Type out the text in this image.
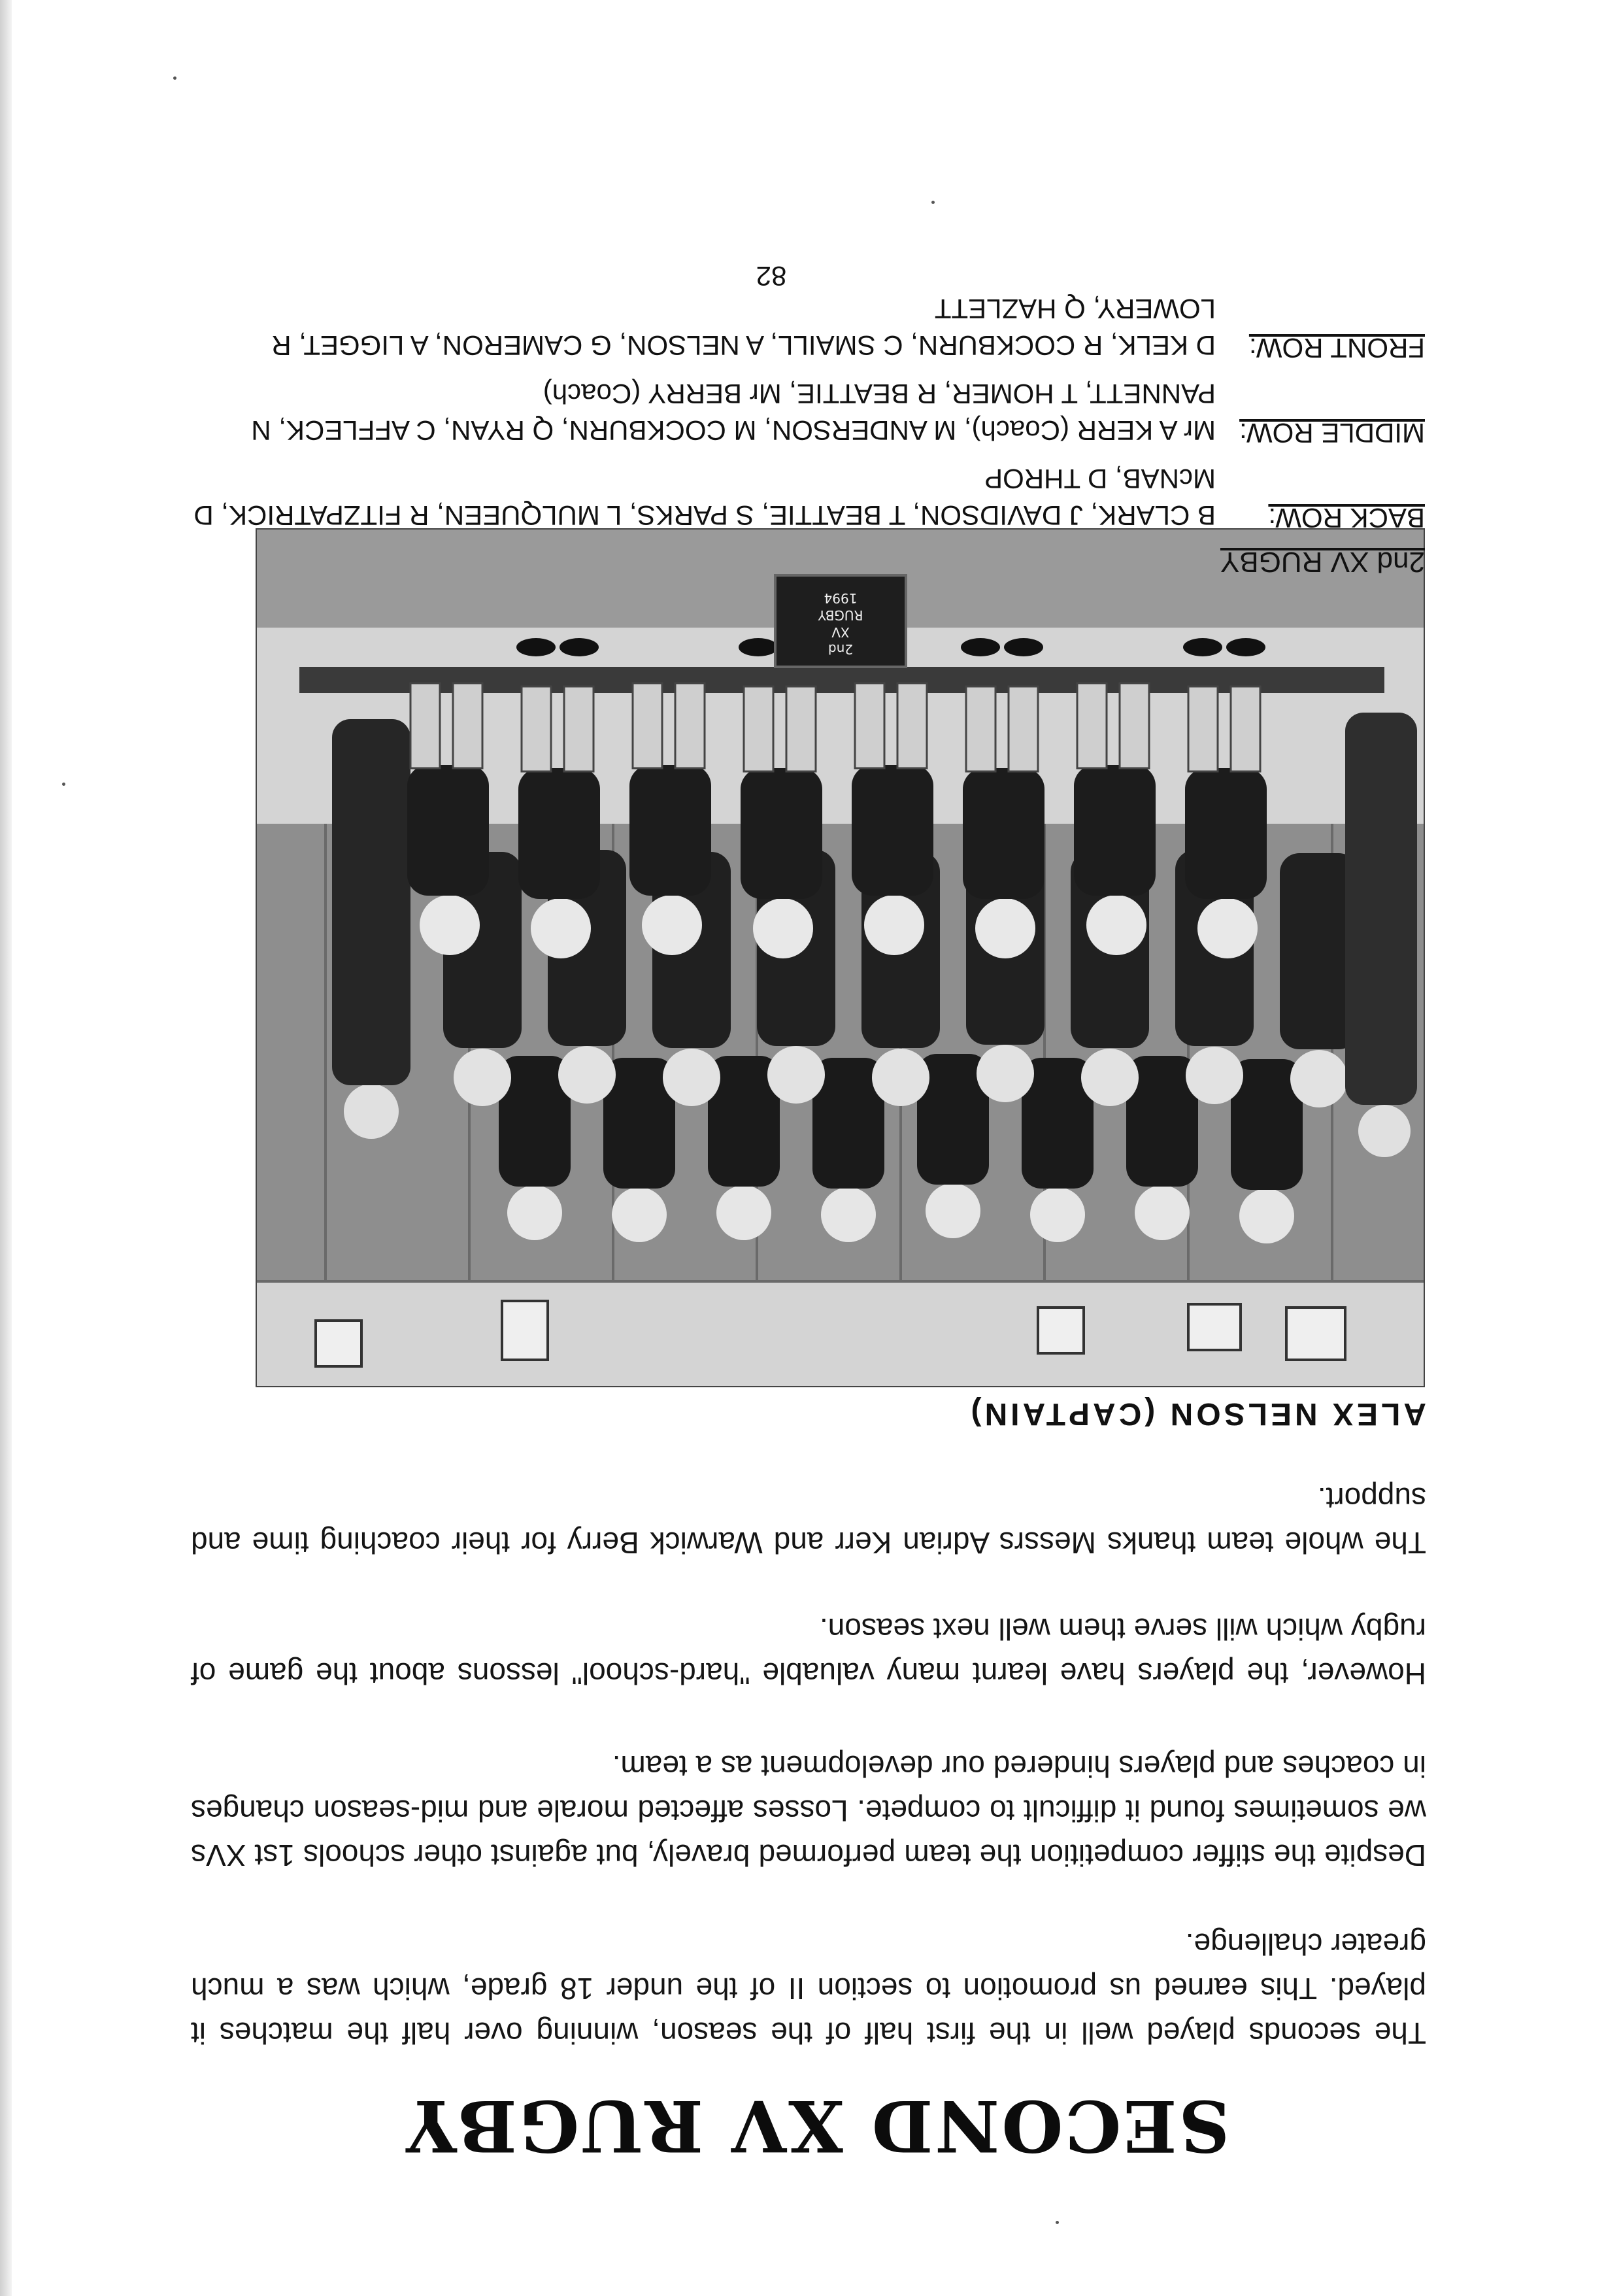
SECOND XV RUGBY

The seconds played well in the first half of the season, winning over half the matches it played. This earned us promotion to section II of the under 18 grade, which was a much greater challenge.

Despite the stiffer competition the team performed bravely, but against other schools 1st XVs we sometimes found it difficult to compete. Losses affected morale and mid-season changes in coaches and players hindered our development as a team.

However, the players have learnt many valuable "hard-school" lessons about the game of rugby which will serve them well next season.

The whole team thanks Messrs Adrian Kerr and Warwick Berry for their coaching time and support.

ALEX NELSON (CAPTAIN)

2nd
XV
RUGBY
1994

2nd XV RUGBY

BACK ROW:
B CLARK, J DAVIDSON, T BEATTIE, S PARKS, L MULQUEEN, R FITZPATRICK, D McNAB, D THROP
MIDDLE ROW:
Mr A KERR (Coach), M ANDERSON, M COCKBURN, Q RYAN, C AFFLECK, N PANNETT, T HOMER, R BEATTIE, Mr BERRY (Coach)
FRONT ROW:
D KELK, R COCKBURN, C SMAILL, A NELSON, G CAMERON, A LIGGET, R LOWERY, Q HAZLETT
82
